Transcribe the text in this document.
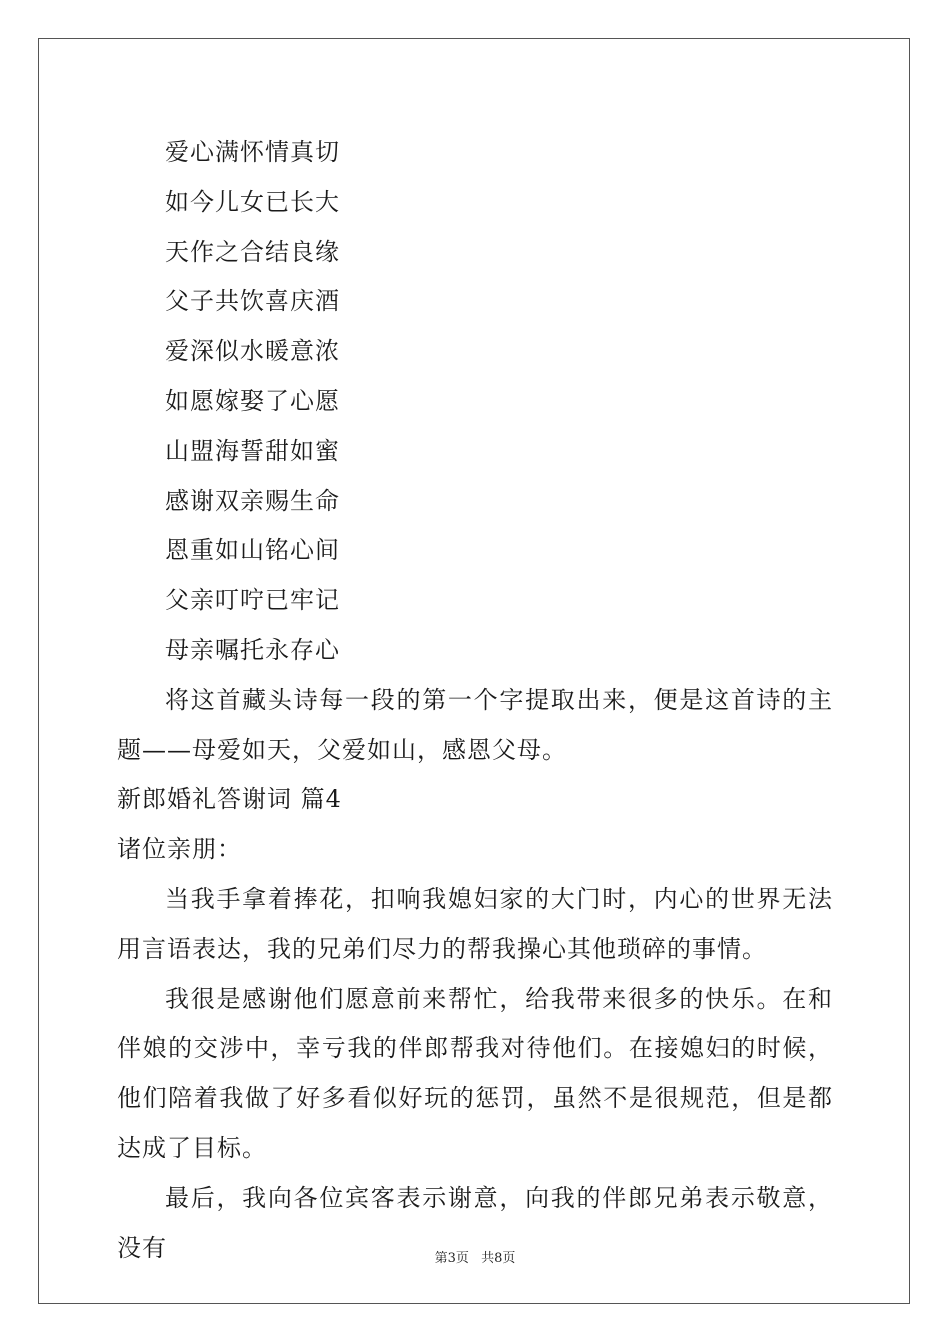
爱心满怀情真切
如今儿女已长大
天作之合结良缘
父子共饮喜庆酒
爱深似水暖意浓
如愿嫁娶了心愿
山盟海誓甜如蜜
感谢双亲赐生命
恩重如山铭心间
父亲叮咛已牢记
母亲嘱托永存心
将这首藏头诗每一段的第一个字提取出来，便是这首诗的主题——母爱如天，父爱如山，感恩父母。
新郎婚礼答谢词 篇4
诸位亲朋：
当我手拿着捧花，扣响我媳妇家的大门时，内心的世界无法用言语表达，我的兄弟们尽力的帮我操心其他琐碎的事情。
我很是感谢他们愿意前来帮忙，给我带来很多的快乐。在和伴娘的交涉中，幸亏我的伴郎帮我对待他们。在接媳妇的时候，他们陪着我做了好多看似好玩的惩罚，虽然不是很规范，但是都达成了目标。
最后，我向各位宾客表示谢意，向我的伴郎兄弟表示敬意，没有	第3页 共8页
